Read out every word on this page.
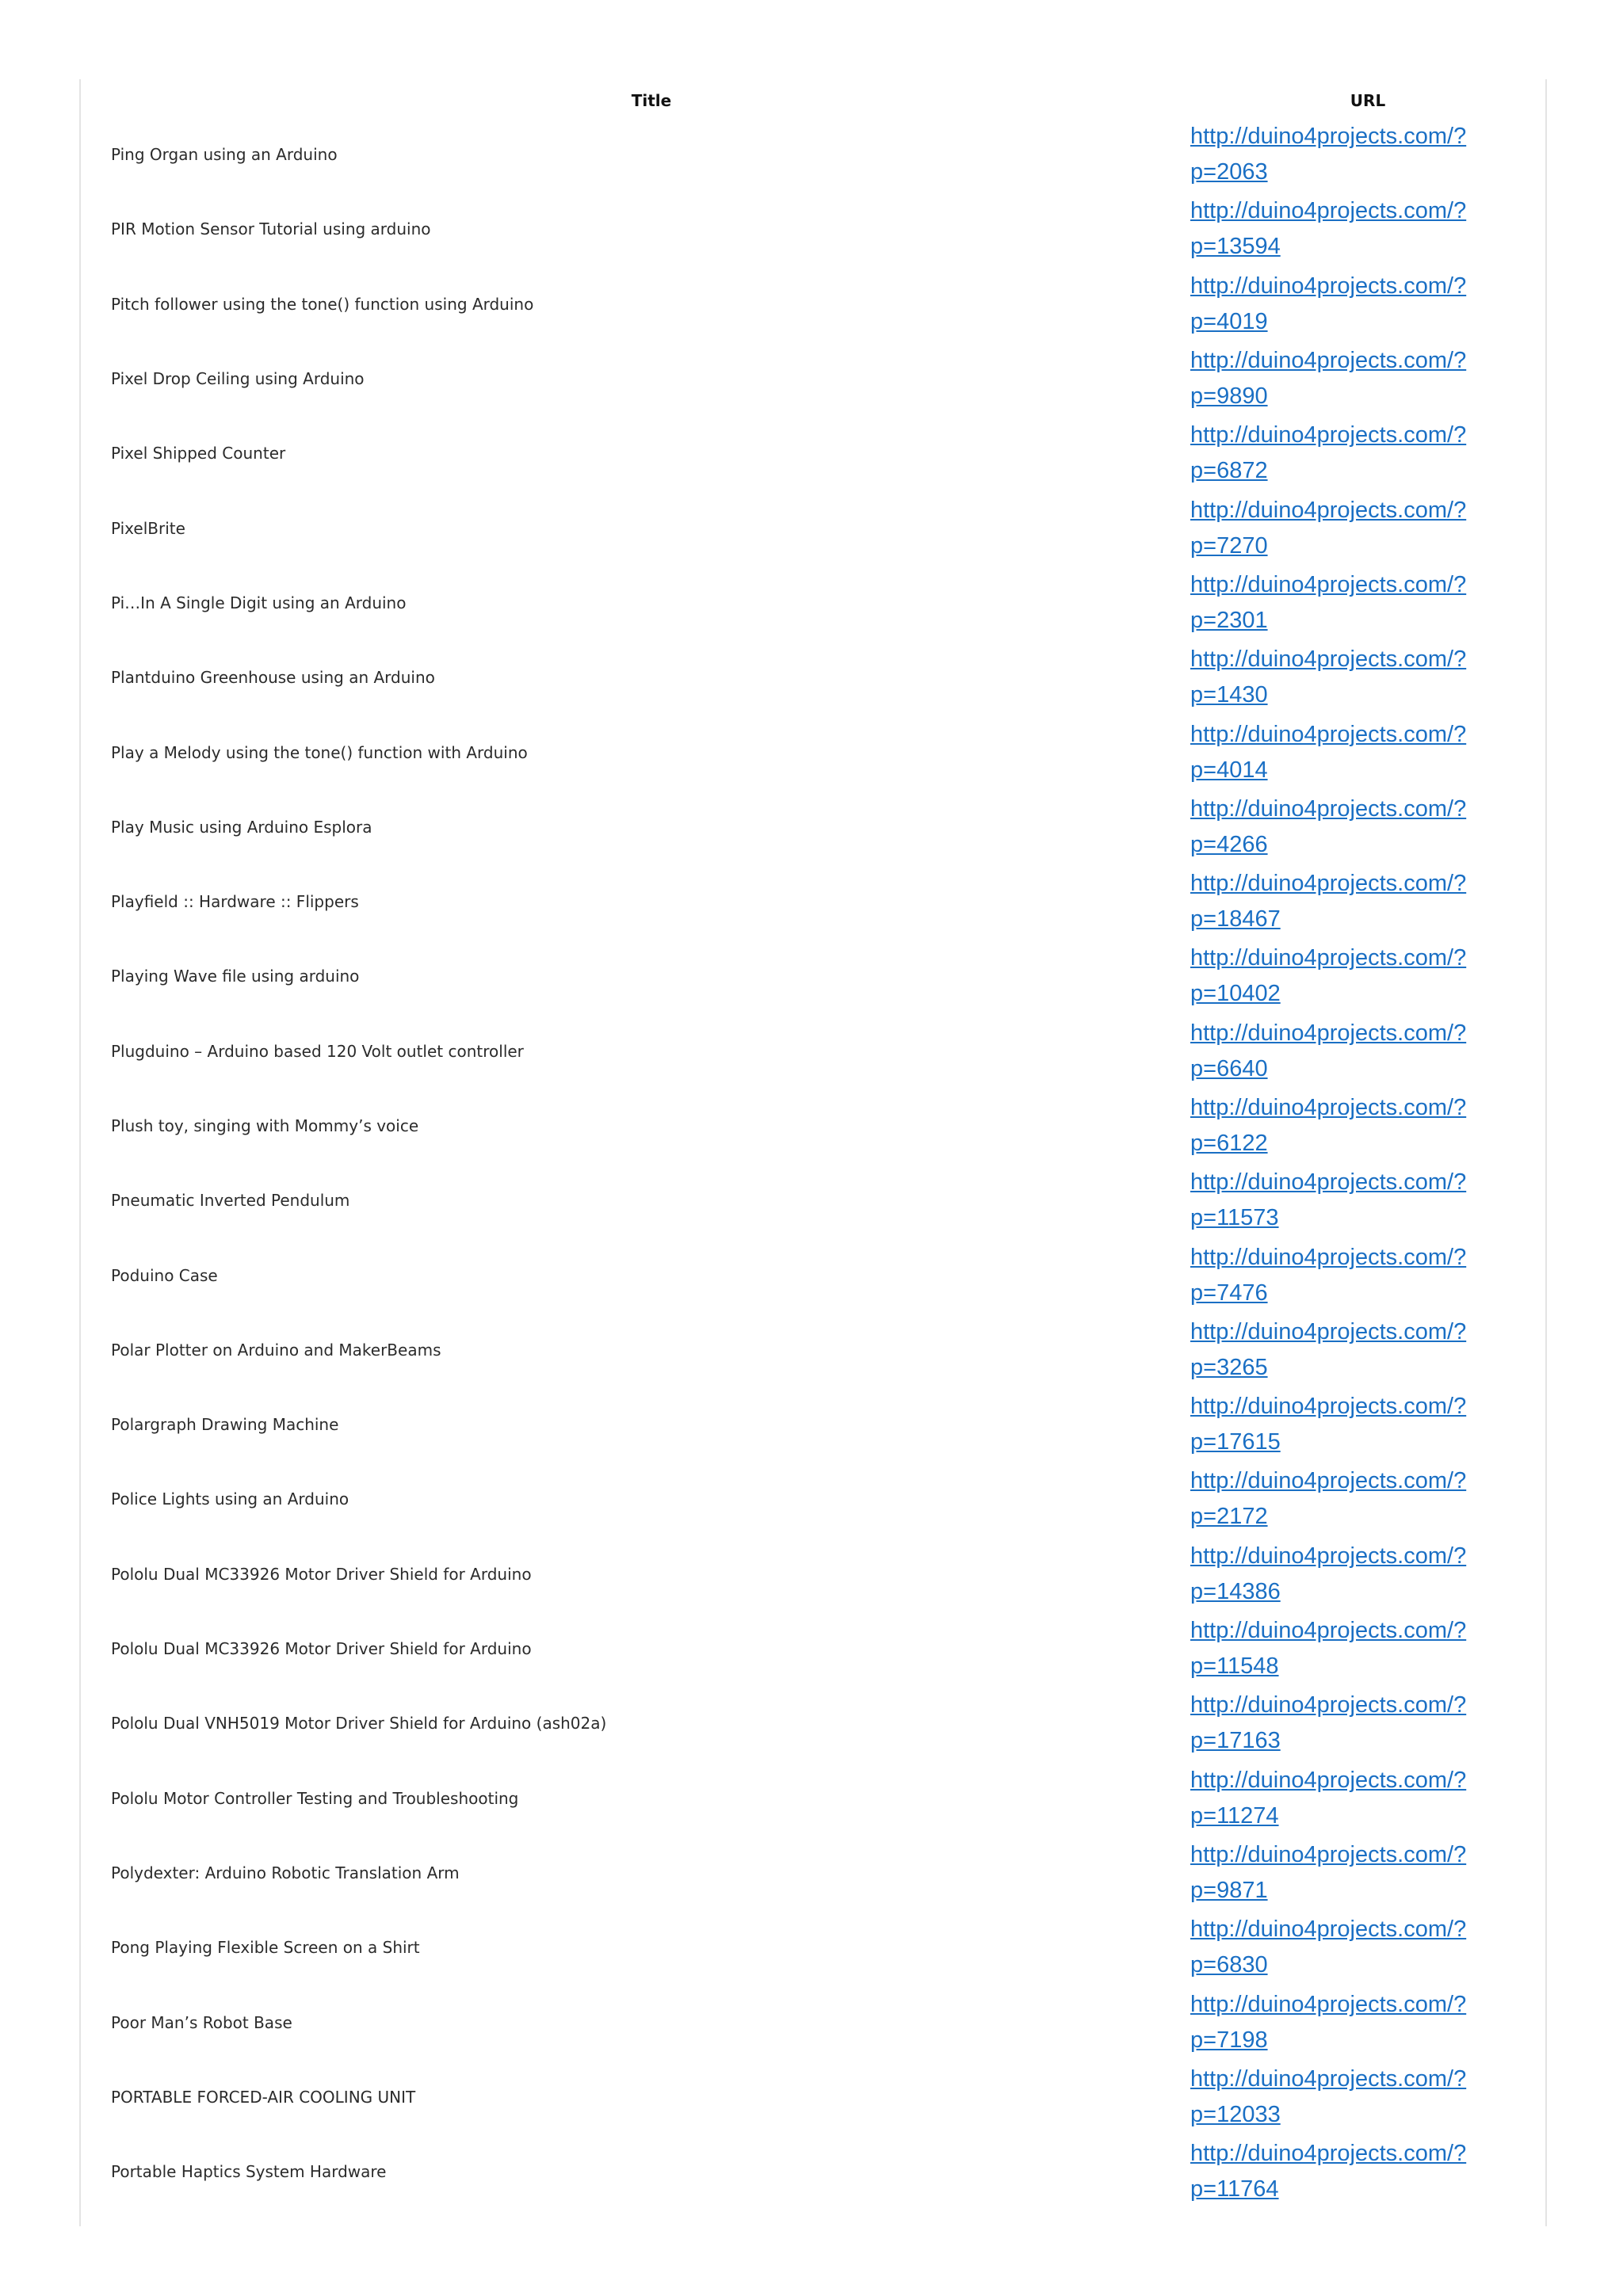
Title	URL
Ping Organ using an Arduino	http://duino4projects.com/?p=2063

PIR Motion Sensor Tutorial using arduino	http://duino4projects.com/?p=13594

Pitch follower using the tone() function using Arduino	http://duino4projects.com/?p=4019

Pixel Drop Ceiling using Arduino	http://duino4projects.com/?p=9890

Pixel Shipped Counter	http://duino4projects.com/?p=6872

PixelBrite	http://duino4projects.com/?p=7270

Pi…In A Single Digit using an Arduino	http://duino4projects.com/?p=2301

Plantduino Greenhouse using an Arduino	http://duino4projects.com/?p=1430

Play a Melody using the tone() function with Arduino	http://duino4projects.com/?p=4014

Play Music using Arduino Esplora	http://duino4projects.com/?p=4266

Playfield :: Hardware :: Flippers	http://duino4projects.com/?p=18467

Playing Wave file using arduino	http://duino4projects.com/?p=10402

Plugduino – Arduino based 120 Volt outlet controller	http://duino4projects.com/?p=6640

Plush toy, singing with Mommy’s voice	http://duino4projects.com/?p=6122

Pneumatic Inverted Pendulum	http://duino4projects.com/?p=11573

Poduino Case	http://duino4projects.com/?p=7476

Polar Plotter on Arduino and MakerBeams	http://duino4projects.com/?p=3265

Polargraph Drawing Machine	http://duino4projects.com/?p=17615

Police Lights using an Arduino	http://duino4projects.com/?p=2172

Pololu Dual MC33926 Motor Driver Shield for Arduino	http://duino4projects.com/?p=14386

Pololu Dual MC33926 Motor Driver Shield for Arduino	http://duino4projects.com/?p=11548

Pololu Dual VNH5019 Motor Driver Shield for Arduino (ash02a)	http://duino4projects.com/?p=17163

Pololu Motor Controller Testing and Troubleshooting	http://duino4projects.com/?p=11274

Polydexter: Arduino Robotic Translation Arm	http://duino4projects.com/?p=9871

Pong Playing Flexible Screen on a Shirt	http://duino4projects.com/?p=6830

Poor Man’s Robot Base	http://duino4projects.com/?p=7198

PORTABLE FORCED-AIR COOLING UNIT	http://duino4projects.com/?p=12033

Portable Haptics System Hardware	http://duino4projects.com/?p=11764
